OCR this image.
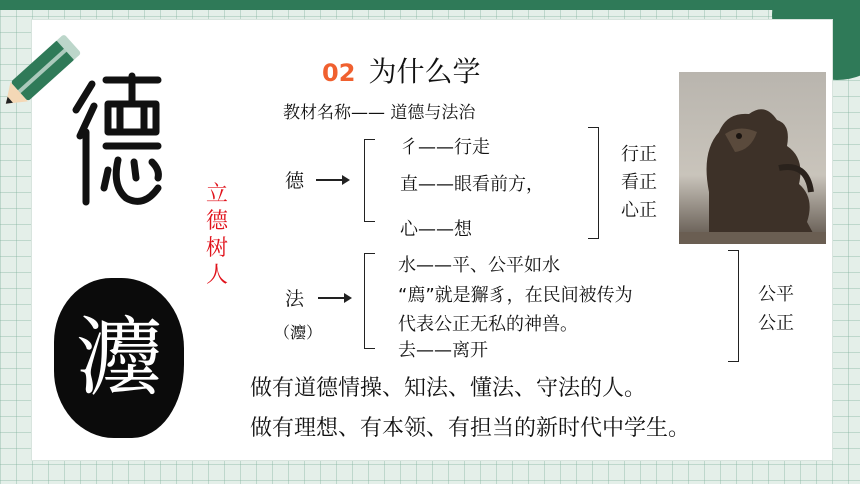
灋
立
德
树
人
02 为什么学
教材名称—— 道德与法治
德
彳——行走
直——眼看前方，
心——想
行正
看正
心正
法
（灋）
水——平、公平如水
“廌”就是獬豸，在民间被传为
代表公正无私的神兽。
去——离开
公平
公正
做有道德情操、知法、懂法、守法的人。
做有理想、有本领、有担当的新时代中学生。
